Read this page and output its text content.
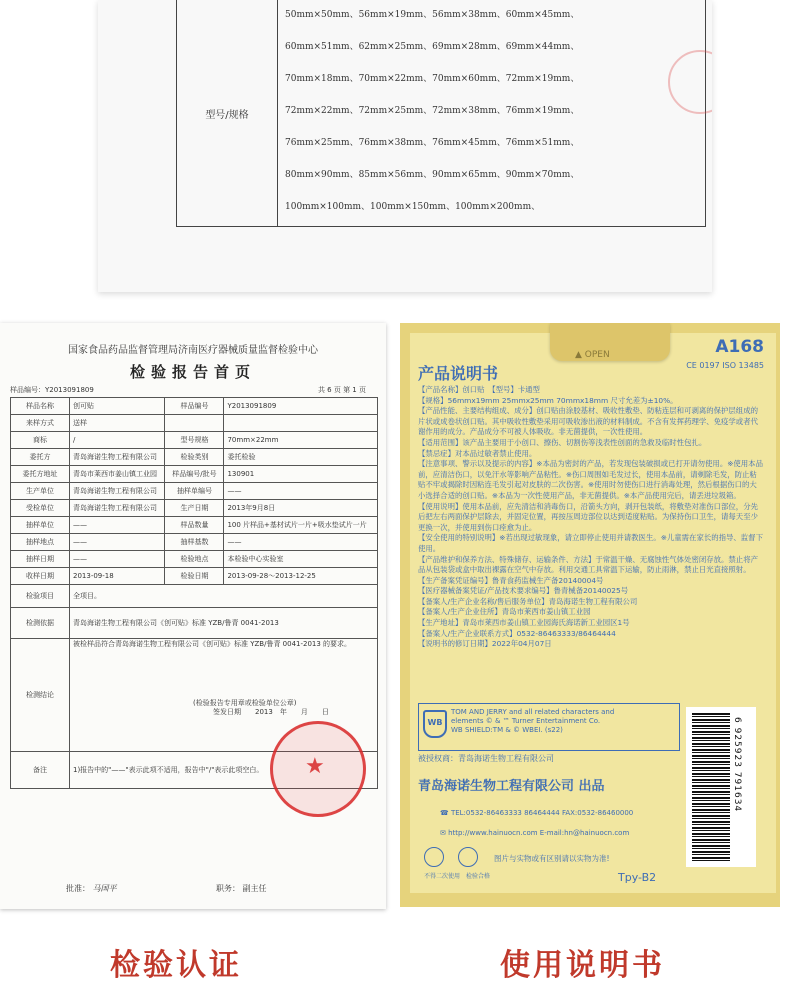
型号/规格
50mm×50mm、56mm×19mm、56mm×38mm、60mm×45mm、
60mm×51mm、62mm×25mm、69mm×28mm、69mm×44mm、
70mm×18mm、70mm×22mm、70mm×60mm、72mm×19mm、
72mm×22mm、72mm×25mm、72mm×38mm、76mm×19mm、
76mm×25mm、76mm×38mm、76mm×45mm、76mm×51mm、
80mm×90mm、85mm×56mm、90mm×65mm、90mm×70mm、
100mm×100mm、100mm×150mm、100mm×200mm、
国家食品药品监督管理局济南医疗器械质量监督检验中心
检验报告首页
样品编号：Y2013091809	共 6 页 第 1 页
样品名称	创可贴	样品编号	Y2013091809
来样方式	送样		
商标	/	型号规格	70mm×22mm
委托方	青岛海诺生物工程有限公司	检验类别	委托检验
委托方地址	青岛市莱西市姜山镇工业园	样品编号/批号	130901
生产单位	青岛海诺生物工程有限公司	抽样单编号	——
受检单位	青岛海诺生物工程有限公司	生产日期	2013年9月8日
抽样单位	——	样品数量	100 片样品+基材试片一片+吸水垫试片一片
抽样地点	——	抽样基数	——
抽样日期	——	检验地点	本检验中心实验室
收样日期	2013-09-18	检验日期	2013-09-28～2013-12-25
检验项目	全项目。		
检测依据	青岛海诺生物工程有限公司《创可贴》标准 YZB/鲁青 0041-2013		
检测结论	被检样品符合青岛海诺生物工程有限公司《创可贴》标准 YZB/鲁青 0041-2013 的要求。
(检验报告专用章或检验单位公章)
签发日期　　2013　年　　月　　日		

备注	1)报告中的"——"表示此项不适用，报告中"/"表示此项空白。		
★
批准： 马国平	职务： 副主任
▲ OPEN	A168
CE 0197 ISO 13485
产品说明书
【产品名称】创口贴　【型号】卡通型
【规格】56mmx19mm 25mmx25mm 70mmx18mm 尺寸允差为±10%。
【产品性能、主要结构组成、成分】创口贴由涂胶基材、吸收性敷垫、防粘连层和可剥离的保护层组成的片状或成卷状创口贴。其中吸收性敷垫采用可吸收渗出液的材料制成。不含有发挥药理学、免疫学或者代谢作用的成分。产品成分不可被人体吸收。非无菌提供，一次性使用。
【适用范围】该产品主要用于小创口、擦伤、切割伤等浅表性创面的急救及临时性包扎。
【禁忌症】对本品过敏者禁止使用。
【注意事项、警示以及提示的内容】※本品为密封的产品，若发现包装破损或已打开请勿使用。※使用本品前，应清洁伤口，以免汗水等影响产品粘性。※伤口周围如毛发过长，使用本品前，请剃除毛发，防止粘贴不牢或揭除时因粘连毛发引起对皮肤的二次伤害。※使用时勿使伤口进行消毒处理，然后根据伤口的大小选择合适的创口贴。※本品为一次性使用产品，非无菌提供。※本产品使用完后，请丢进垃圾箱。
【使用说明】使用本品前，应先清洁和消毒伤口，沿箭头方向，剥开包装纸，将敷垫对准伤口部位，分先后把左右两面保护层除去，并固定位置，再按压周边部位以达到适度粘贴。为保持伤口卫生，请每天至少更换一次，并使用到伤口痊愈为止。
【安全使用的特别说明】※若出现过敏现象，请立即停止使用并请教医生。※儿童需在家长的指导、监督下使用。
【产品维护和保养方法、特殊储存、运输条件、方法】于常温干燥、无腐蚀性气体处密闭存放。禁止将产品从包装袋或盒中取出裸露在空气中存放。利用交通工具常温下运输，防止雨淋，禁止日光直接照射。
【生产备案凭证编号】鲁青食药监械生产备20140004号
【医疗器械备案凭证/产品技术要求编号】鲁青械备20140025号
【备案人/生产企业名称/售后服务单位】青岛海诺生物工程有限公司
【备案人/生产企业住所】青岛市莱西市姜山镇工业园
【生产地址】青岛市莱西市姜山镇工业园海氏海诺新工业园区1号
【备案人/生产企业联系方式】0532-86463333/86464444
【说明书的修订日期】2022年04月07日
WB
TOM AND JERRY and all related characters and
elements © & ™ Turner Entertainment Co.
WB SHIELD:TM & © WBEI. (s22)
被授权商：青岛海诺生物工程有限公司
青岛海诺生物工程有限公司 出品
☎ TEL:0532-86463333 86464444 FAX:0532-86460000
✉ http://www.hainuocn.com E-mail:hn@hainuocn.com
不得二次使用　 检验合格
图片与实物或有区别请以实物为准!
Tpy-B2
6 925923 791634
检验认证	使用说明书
